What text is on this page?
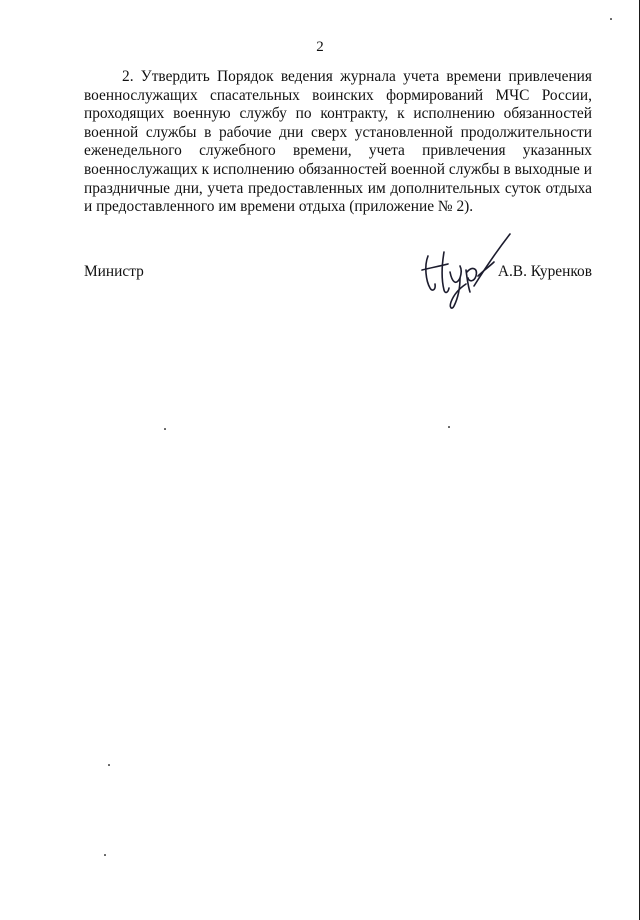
2

2. Утвердить Порядок ведения журнала учета времени привлечения военнослужащих спасательных воинских формирований МЧС России, проходящих военную службу по контракту, к исполнению обязанностей военной службы в рабочие дни сверх установленной продолжительности еженедельного служебного времени, учета привлечения указанных военнослужащих к исполнению обязанностей военной службы в выходные и праздничные дни, учета предоставленных им дополнительных суток отдыха и предоставленного им времени отдыха (приложение № 2).

Министр	А.В. Куренков
